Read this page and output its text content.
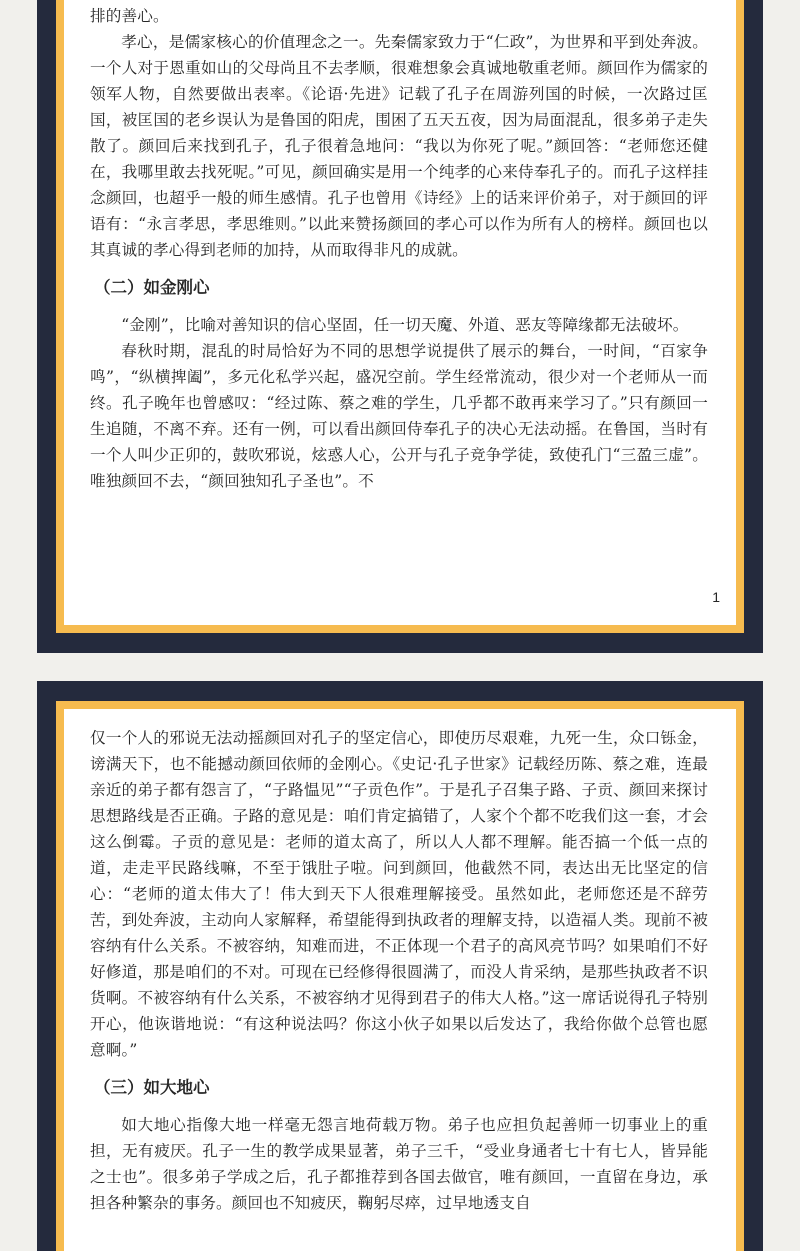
排的善心。

孝心，是儒家核心的价值理念之一。先秦儒家致力于“仁政”，为世界和平到处奔波。一个人对于恩重如山的父母尚且不去孝顺，很难想象会真诚地敬重老师。颜回作为儒家的领军人物，自然要做出表率。《论语·先进》记载了孔子在周游列国的时候，一次路过匡国，被匡国的老乡误认为是鲁国的阳虎，围困了五天五夜，因为局面混乱，很多弟子走失散了。颜回后来找到孔子，孔子很着急地问：“我以为你死了呢。”颜回答：“老师您还健在，我哪里敢去找死呢。”可见，颜回确实是用一个纯孝的心来侍奉孔子的。而孔子这样挂念颜回，也超乎一般的师生感情。孔子也曾用《诗经》上的话来评价弟子，对于颜回的评语有：“永言孝思，孝思维则。”以此来赞扬颜回的孝心可以作为所有人的榜样。颜回也以其真诚的孝心得到老师的加持，从而取得非凡的成就。

（二）如金刚心

“金刚”，比喻对善知识的信心坚固，任一切天魔、外道、恶友等障缘都无法破坏。

春秋时期，混乱的时局恰好为不同的思想学说提供了展示的舞台，一时间，“百家争鸣”，“纵横捭阖”，多元化私学兴起，盛况空前。学生经常流动，很少对一个老师从一而终。孔子晚年也曾感叹：“经过陈、蔡之难的学生，几乎都不敢再来学习了。”只有颜回一生追随，不离不弃。还有一例，可以看出颜回侍奉孔子的决心无法动摇。在鲁国，当时有一个人叫少正卯的，鼓吹邪说，炫惑人心，公开与孔子竞争学徒，致使孔门“三盈三虚”。唯独颜回不去，“颜回独知孔子圣也”。不

1

仅一个人的邪说无法动摇颜回对孔子的坚定信心，即使历尽艰难，九死一生，众口铄金，谤满天下，也不能撼动颜回依师的金刚心。《史记·孔子世家》记载经历陈、蔡之难，连最亲近的弟子都有怨言了，“子路愠见”“子贡色作”。于是孔子召集子路、子贡、颜回来探讨思想路线是否正确。子路的意见是：咱们肯定搞错了，人家个个都不吃我们这一套，才会这么倒霉。子贡的意见是：老师的道太高了，所以人人都不理解。能否搞一个低一点的道，走走平民路线嘛，不至于饿肚子啦。问到颜回，他截然不同，表达出无比坚定的信心：“老师的道太伟大了！伟大到天下人很难理解接受。虽然如此，老师您还是不辞劳苦，到处奔波，主动向人家解释，希望能得到执政者的理解支持，以造福人类。现前不被容纳有什么关系。不被容纳，知难而进，不正体现一个君子的高风亮节吗？如果咱们不好好修道，那是咱们的不对。可现在已经修得很圆满了，而没人肯采纳，是那些执政者不识货啊。不被容纳有什么关系，不被容纳才见得到君子的伟大人格。”这一席话说得孔子特别开心，他诙谐地说：“有这种说法吗？你这小伙子如果以后发达了，我给你做个总管也愿意啊。”

（三）如大地心

如大地心指像大地一样毫无怨言地荷载万物。弟子也应担负起善师一切事业上的重担，无有疲厌。孔子一生的教学成果显著，弟子三千，“受业身通者七十有七人，皆异能之士也”。很多弟子学成之后，孔子都推荐到各国去做官，唯有颜回，一直留在身边，承担各种繁杂的事务。颜回也不知疲厌，鞠躬尽瘁，过早地透支自
